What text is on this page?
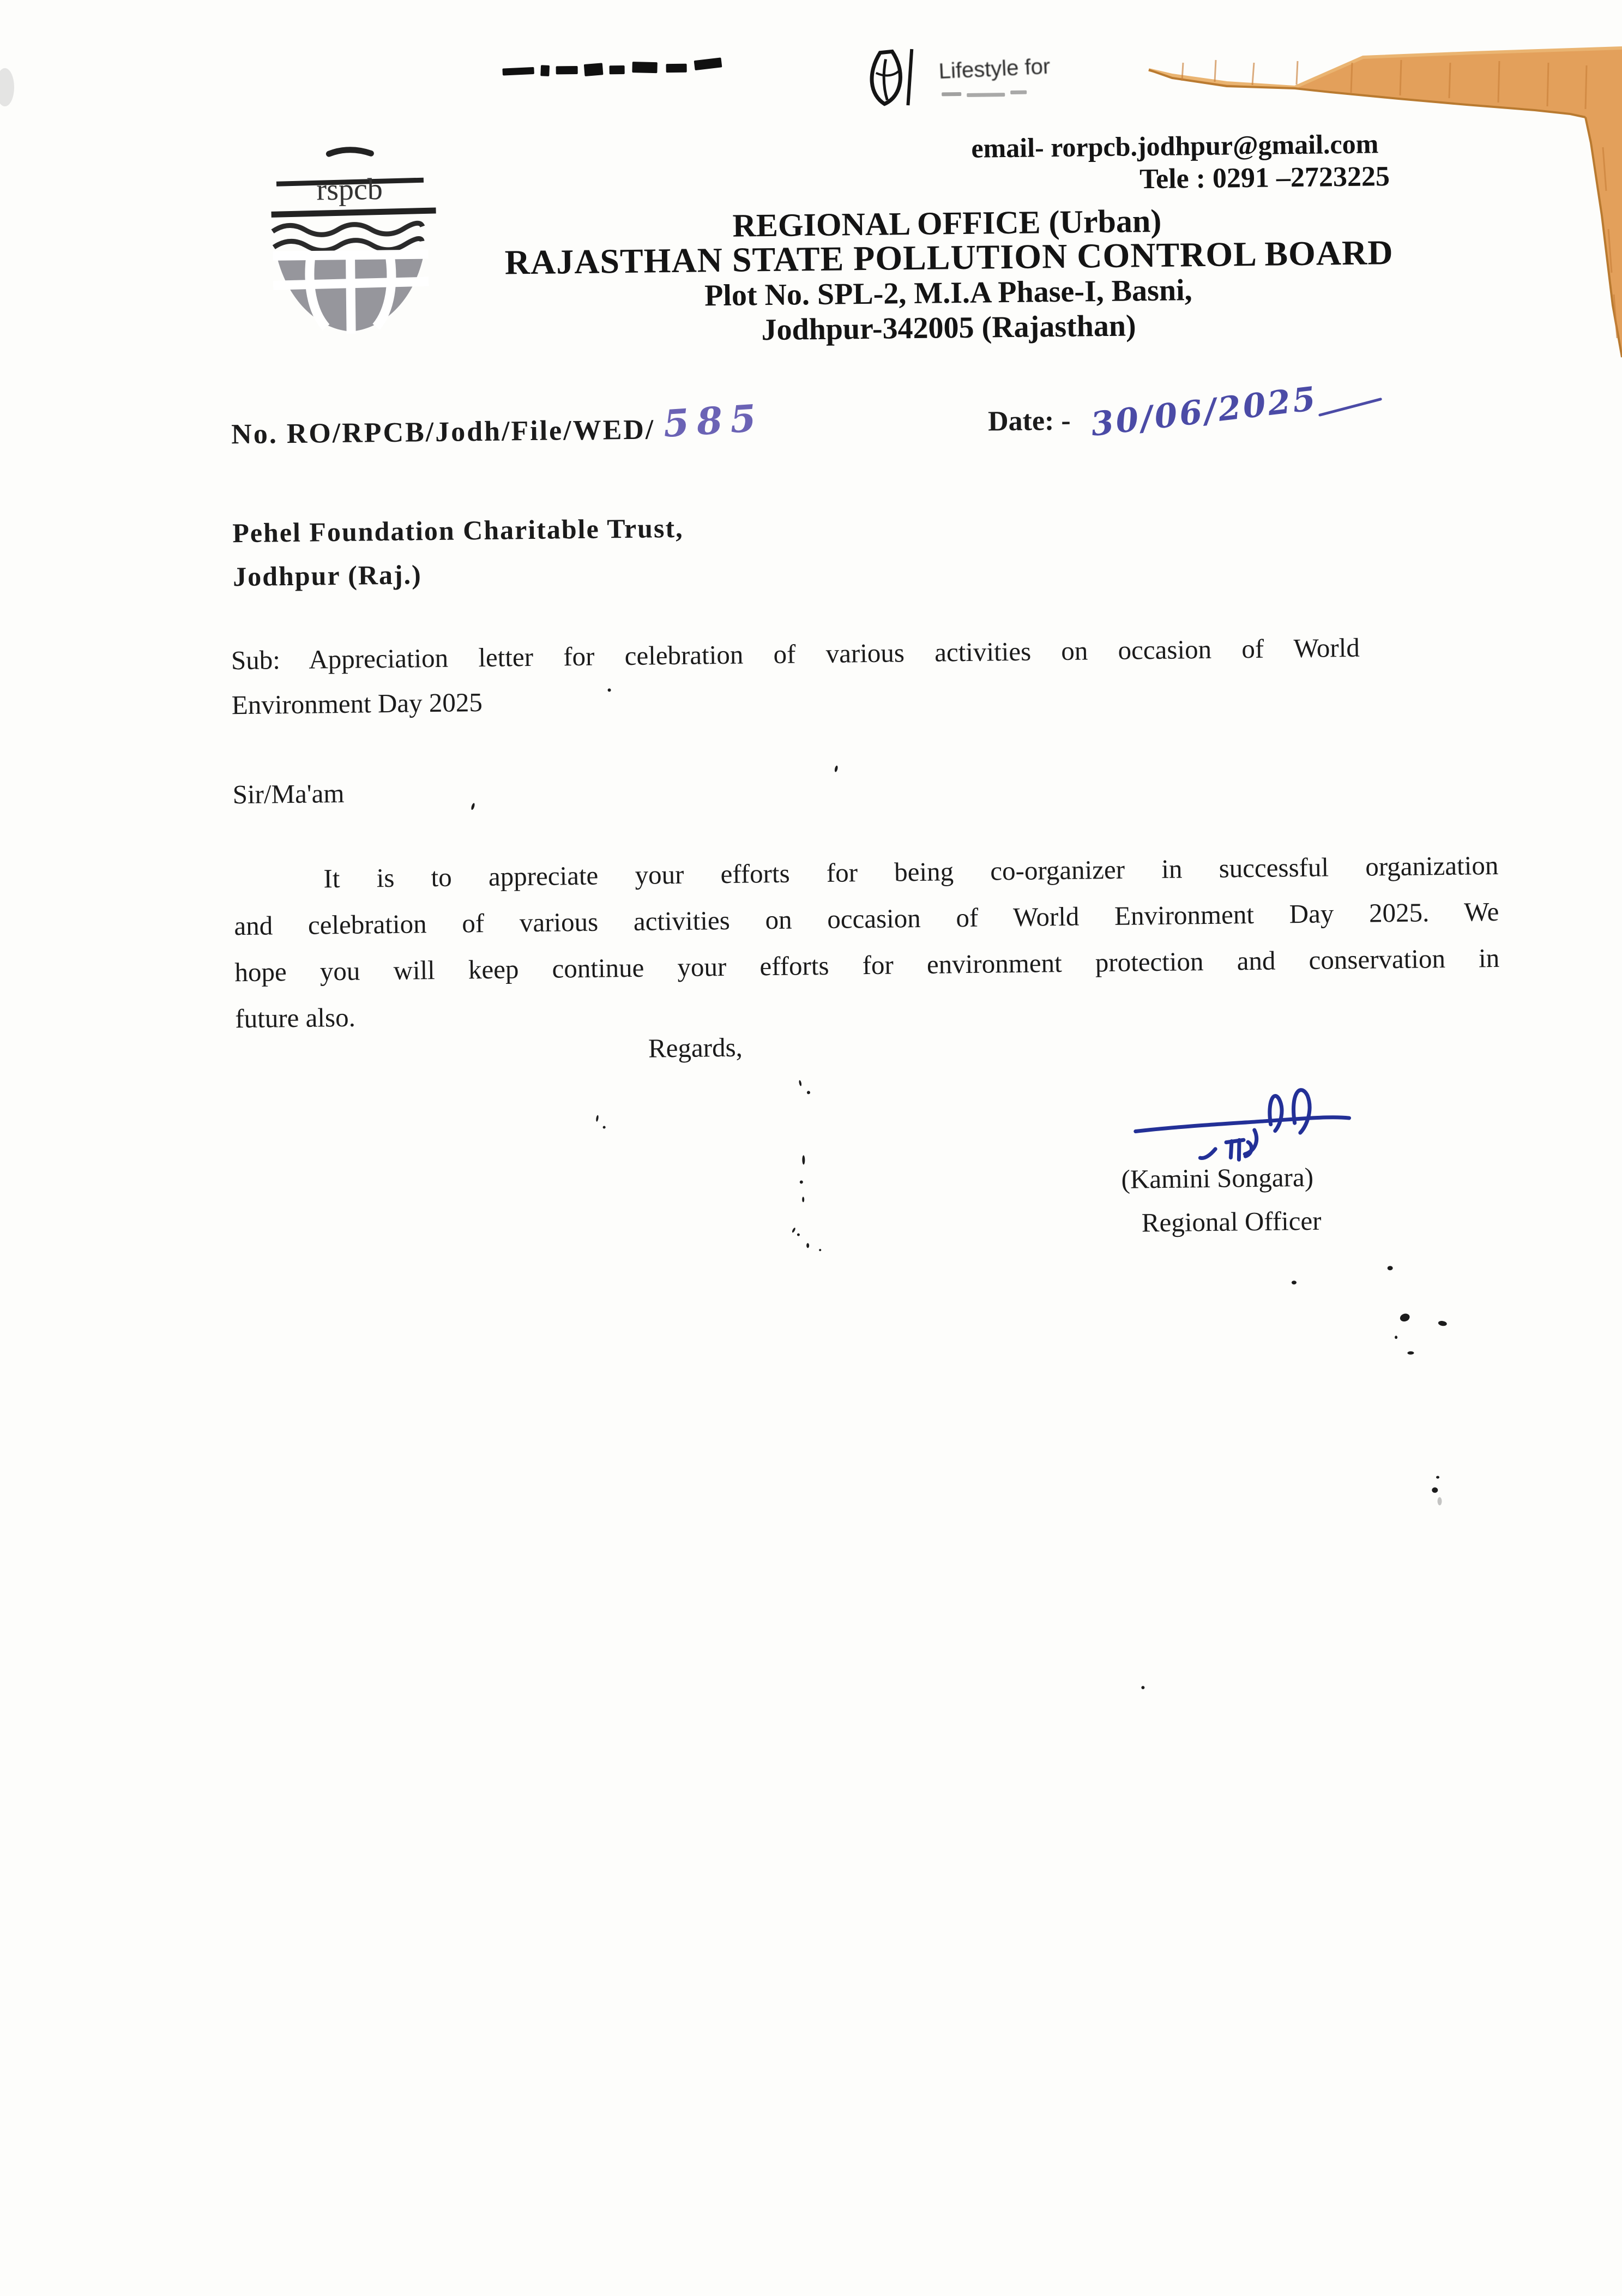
Lifestyle for
rspcb
email- rorpcb.jodhpur@gmail.com
Tele : 0291 –2723225
REGIONAL OFFICE (Urban)
RAJASTHAN STATE POLLUTION CONTROL BOARD
Plot No. SPL-2, M.I.A Phase-I, Basni,
Jodhpur-342005 (Rajasthan)
No. RO/RPCB/Jodh/File/WED/ 585	Date: - 30/06/2025
Pehel Foundation Charitable Trust,
Jodhpur (Raj.)
Sub: Appreciation letter for celebration of various activities on occasion of World
Environment Day 2025
Sir/Ma'am
It is to appreciate your efforts for being co-organizer in successful organization
and celebration of various activities on occasion of World Environment Day 2025. We
hope you will keep continue your efforts for environment protection and conservation in
future also.
Regards,
(Kamini Songara)
Regional Officer
